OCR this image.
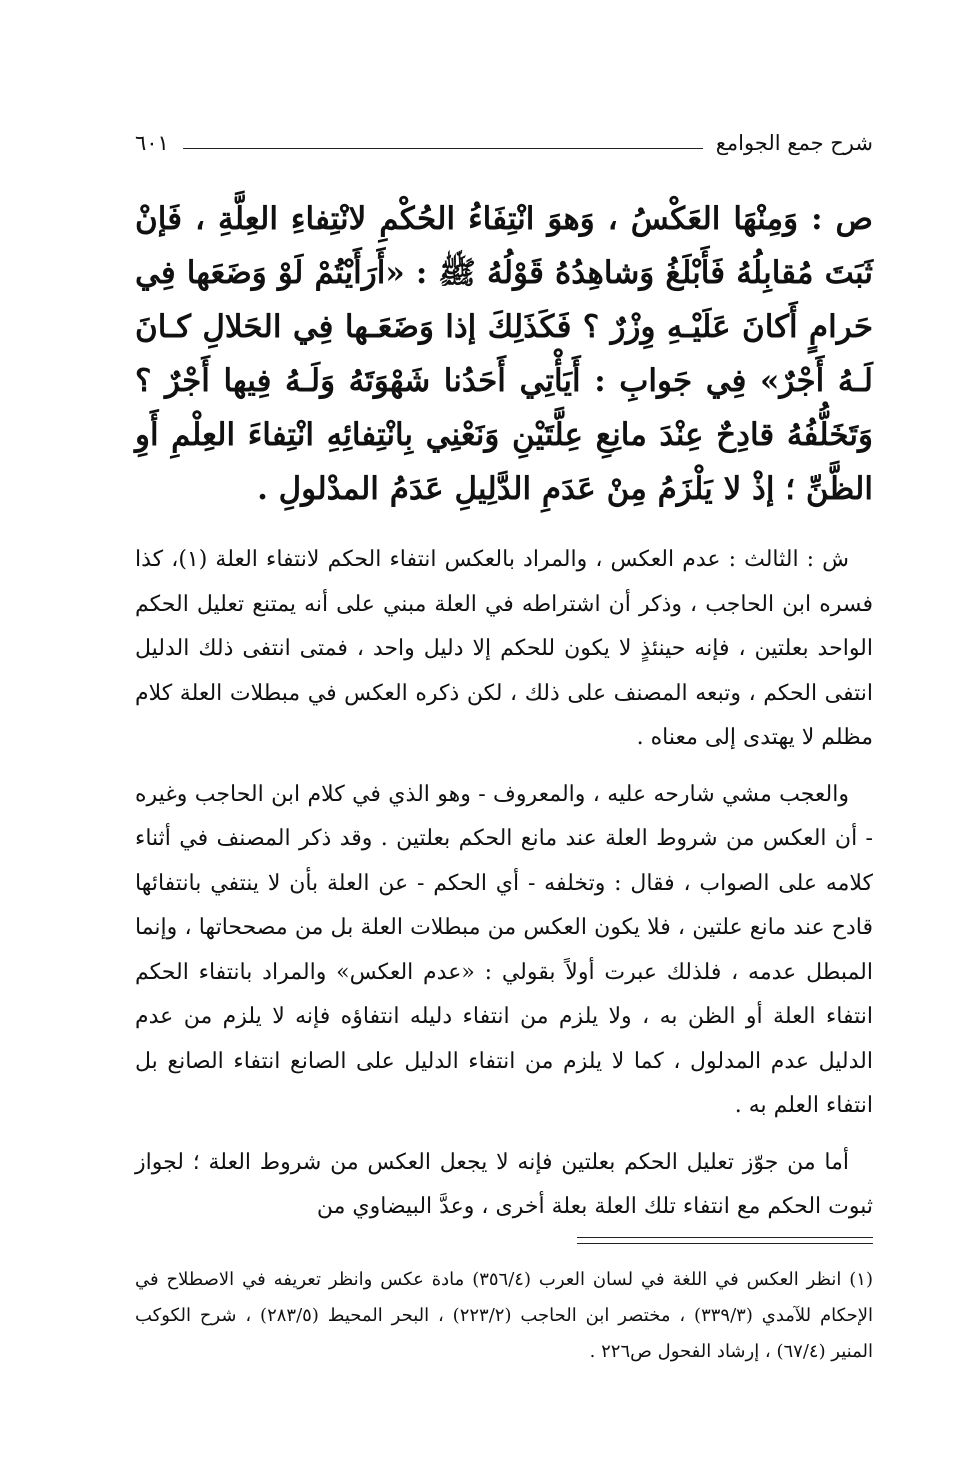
شرح جمع الجوامع
٦٠١

ص : وَمِنْهَا العَكْسُ ، وَهوَ انْتِفَاءُ الحُكْمِ لانْتِفاءِ العِلَّةِ ، فَإنْ ثَبَتَ مُقابِلُهُ فَأَبْلَغُ وَشاهِدُهُ قَوْلُهُ ﷺ : «أَرَأَيْتُمْ لَوْ وَضَعَها فِي حَرامٍ أَكانَ عَلَيْـهِ وِزْرٌ ؟ فَكَذَلِكَ إذا وَضَعَـها فِي الحَلالِ كـانَ لَـهُ أَجْرٌ» فِي جَوابِ : أَيَأْتِي أَحَدُنا شَهْوَتَهُ وَلَـهُ فِيها أَجْرٌ ؟ وَتَخَلُّفُهُ قادِحٌ عِنْدَ مانِعِ عِلَّتَيْنِ وَنَعْنِي بِانْتِفائِهِ انْتِفاءَ العِلْمِ أَوِ الظَّنِّ ؛ إذْ لا يَلْزَمُ مِنْ عَدَمِ الدَّلِيلِ عَدَمُ المدْلولِ .

ش : الثالث : عدم العكس ، والمراد بالعكس انتفاء الحكم لانتفاء العلة (١)، كذا فسره ابن الحاجب ، وذكر أن اشتراطه في العلة مبني على أنه يمتنع تعليل الحكم الواحد بعلتين ، فإنه حينئذٍ لا يكون للحكم إلا دليل واحد ، فمتى انتفى ذلك الدليل انتفى الحكم ، وتبعه المصنف على ذلك ، لكن ذكره العكس في مبطلات العلة كلام مظلم لا يهتدى إلى معناه .

والعجب مشي شارحه عليه ، والمعروف - وهو الذي في كلام ابن الحاجب وغيره - أن العكس من شروط العلة عند مانع الحكم بعلتين . وقد ذكر المصنف في أثناء كلامه على الصواب ، فقال : وتخلفه - أي الحكم - عن العلة بأن لا ينتفي بانتفائها قادح عند مانع علتين ، فلا يكون العكس من مبطلات العلة بل من مصححاتها ، وإنما المبطل عدمه ، فلذلك عبرت أولاً بقولي : «عدم العكس» والمراد بانتفاء الحكم انتفاء العلة أو الظن به ، ولا يلزم من انتفاء دليله انتفاؤه فإنه لا يلزم من عدم الدليل عدم المدلول ، كما لا يلزم من انتفاء الدليل على الصانع انتفاء الصانع بل انتفاء العلم به .

أما من جوّز تعليل الحكم بعلتين فإنه لا يجعل العكس من شروط العلة ؛ لجواز ثبوت الحكم مع انتفاء تلك العلة بعلة أخرى ، وعدَّ البيضاوي من

(١) انظر العكس في اللغة في لسان العرب (٣٥٦/٤) مادة عكس وانظر تعريفه في الاصطلاح في الإحكام للآمدي (٣٣٩/٣) ، مختصر ابن الحاجب (٢٢٣/٢) ، البحر المحيط (٢٨٣/٥) ، شرح الكوكب المنير (٦٧/٤) ، إرشاد الفحول ص٢٢٦ .
